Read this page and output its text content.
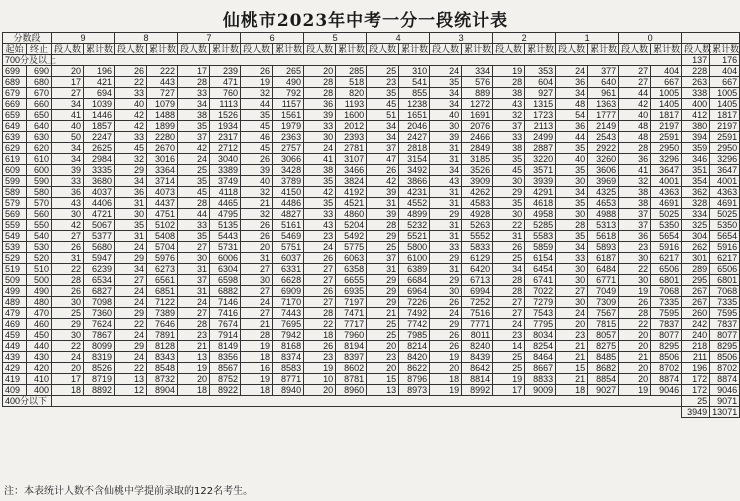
仙桃市2023年中考一分一段统计表
分数段		9		8		7		6		5		4		3		2		1		0			
起始	终止	段人数	累计数	段人数	累计数	段人数	累计数	段人数	累计数	段人数	累计数	段人数	累计数	段人数	累计数	段人数	累计数	段人数	累计数	段人数	累计数	段人数	累计数
700分及以上																						137	176
699	690	20	196	26	222	17	239	26	265	20	285	25	310	24	334	19	353	24	377	27	404	228	404
689	680	17	421	22	443	28	471	19	490	28	518	23	541	35	576	28	604	36	640	27	667	263	667
679	670	27	694	33	727	33	760	32	792	28	820	35	855	34	889	38	927	34	961	44	1005	338	1005
669	660	34	1039	40	1079	34	1113	44	1157	36	1193	45	1238	34	1272	43	1315	48	1363	42	1405	400	1405
659	650	41	1446	42	1488	38	1526	35	1561	39	1600	51	1651	40	1691	32	1723	54	1777	40	1817	412	1817
649	640	40	1857	42	1899	35	1934	45	1979	33	2012	34	2046	30	2076	37	2113	36	2149	48	2197	380	2197
639	630	50	2247	33	2280	37	2317	46	2363	30	2393	34	2427	39	2466	33	2499	44	2543	48	2591	394	2591
629	620	34	2625	45	2670	42	2712	45	2757	24	2781	37	2818	31	2849	38	2887	35	2922	28	2950	359	2950
619	610	34	2984	32	3016	24	3040	26	3066	41	3107	47	3154	31	3185	35	3220	40	3260	36	3296	346	3296
609	600	39	3335	29	3364	25	3389	39	3428	38	3466	26	3492	34	3526	45	3571	35	3606	41	3647	351	3647
599	590	33	3680	34	3714	35	3749	40	3789	35	3824	42	3866	43	3909	30	3939	30	3969	32	4001	354	4001
589	580	36	4037	36	4073	45	4118	32	4150	42	4192	39	4231	31	4262	29	4291	34	4325	38	4363	362	4363
579	570	43	4406	31	4437	28	4465	21	4486	35	4521	31	4552	31	4583	35	4618	35	4653	38	4691	328	4691
569	560	30	4721	30	4751	44	4795	32	4827	33	4860	39	4899	29	4928	30	4958	30	4988	37	5025	334	5025
559	550	42	5067	35	5102	33	5135	26	5161	43	5204	28	5232	31	5263	22	5285	28	5313	37	5350	325	5350
549	540	27	5377	31	5408	35	5443	26	5469	23	5492	29	5521	31	5552	31	5583	35	5618	36	5654	304	5654
539	530	26	5680	24	5704	27	5731	20	5751	24	5775	25	5800	33	5833	26	5859	34	5893	23	5916	262	5916
529	520	31	5947	29	5976	30	6006	31	6037	26	6063	37	6100	29	6129	25	6154	33	6187	30	6217	301	6217
519	510	22	6239	34	6273	31	6304	27	6331	27	6358	31	6389	31	6420	34	6454	30	6484	22	6506	289	6506
509	500	28	6534	27	6561	37	6598	30	6628	27	6655	29	6684	29	6713	28	6741	30	6771	30	6801	295	6801
499	490	26	6827	24	6851	31	6882	27	6909	26	6935	29	6964	30	6994	28	7022	27	7049	19	7068	267	7068
489	480	30	7098	24	7122	24	7146	24	7170	27	7197	29	7226	26	7252	27	7279	30	7309	26	7335	267	7335
479	470	25	7360	29	7389	27	7416	27	7443	28	7471	21	7492	24	7516	27	7543	24	7567	28	7595	260	7595
469	460	29	7624	22	7646	28	7674	21	7695	22	7717	25	7742	29	7771	24	7795	20	7815	22	7837	242	7837
459	450	30	7867	24	7891	23	7914	28	7942	18	7960	25	7985	26	8011	23	8034	23	8057	20	8077	240	8077
449	440	22	8099	29	8128	21	8149	19	8168	26	8194	20	8214	26	8240	14	8254	21	8275	20	8295	218	8295
439	430	24	8319	24	8343	13	8356	18	8374	23	8397	23	8420	19	8439	25	8464	21	8485	21	8506	211	8506
429	420	20	8526	22	8548	19	8567	16	8583	19	8602	20	8622	20	8642	25	8667	15	8682	20	8702	196	8702
419	410	17	8719	13	8732	20	8752	19	8771	10	8781	15	8796	18	8814	19	8833	21	8854	20	8874	172	8874
409	400	18	8892	12	8904	18	8922	18	8940	20	8960	13	8973	19	8992	17	9009	18	9027	19	9046	172	9046
400分以下																						25	9071
																						3949	13071
注：本表统计人数不含仙桃中学提前录取的122名考生。
